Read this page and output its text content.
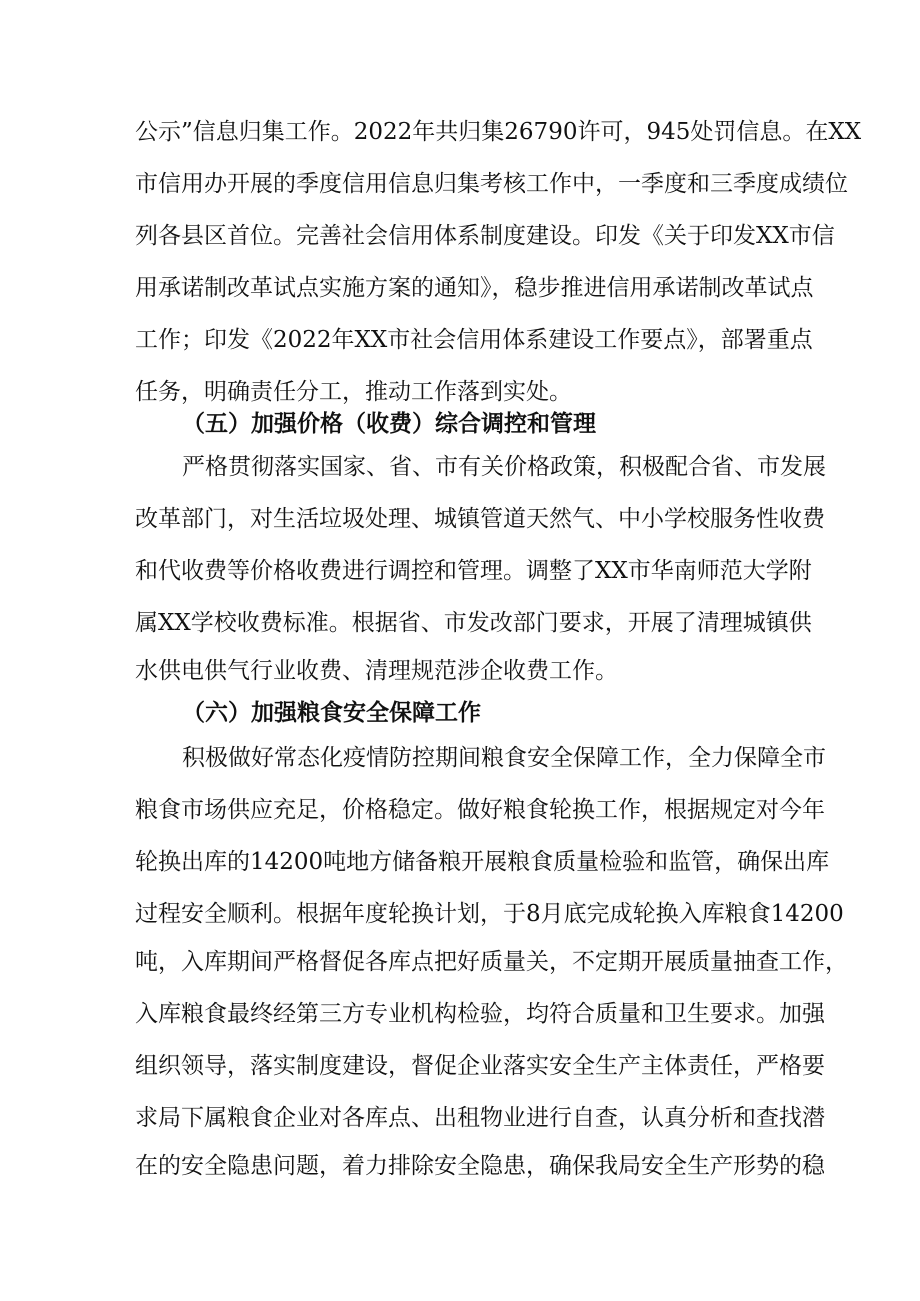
公示”信息归集工作。2022年共归集26790许可，945处罚信息。在XX
市信用办开展的季度信用信息归集考核工作中，一季度和三季度成绩位
列各县区首位。完善社会信用体系制度建设。印发《关于印发XX市信
用承诺制改革试点实施方案的通知》，稳步推进信用承诺制改革试点
工作；印发《2022年XX市社会信用体系建设工作要点》，部署重点
任务，明确责任分工，推动工作落到实处。
（五）加强价格（收费）综合调控和管理
严格贯彻落实国家、省、市有关价格政策，积极配合省、市发展
改革部门，对生活垃圾处理、城镇管道天然气、中小学校服务性收费
和代收费等价格收费进行调控和管理。调整了XX市华南师范大学附
属XX学校收费标准。根据省、市发改部门要求，开展了清理城镇供
水供电供气行业收费、清理规范涉企收费工作。
（六）加强粮食安全保障工作
积极做好常态化疫情防控期间粮食安全保障工作，全力保障全市
粮食市场供应充足，价格稳定。做好粮食轮换工作，根据规定对今年
轮换出库的14200吨地方储备粮开展粮食质量检验和监管，确保出库
过程安全顺利。根据年度轮换计划，于8月底完成轮换入库粮食14200
吨，入库期间严格督促各库点把好质量关，不定期开展质量抽查工作，
入库粮食最终经第三方专业机构检验，均符合质量和卫生要求。加强
组织领导，落实制度建设，督促企业落实安全生产主体责任，严格要
求局下属粮食企业对各库点、出租物业进行自查，认真分析和查找潜
在的安全隐患问题，着力排除安全隐患，确保我局安全生产形势的稳
